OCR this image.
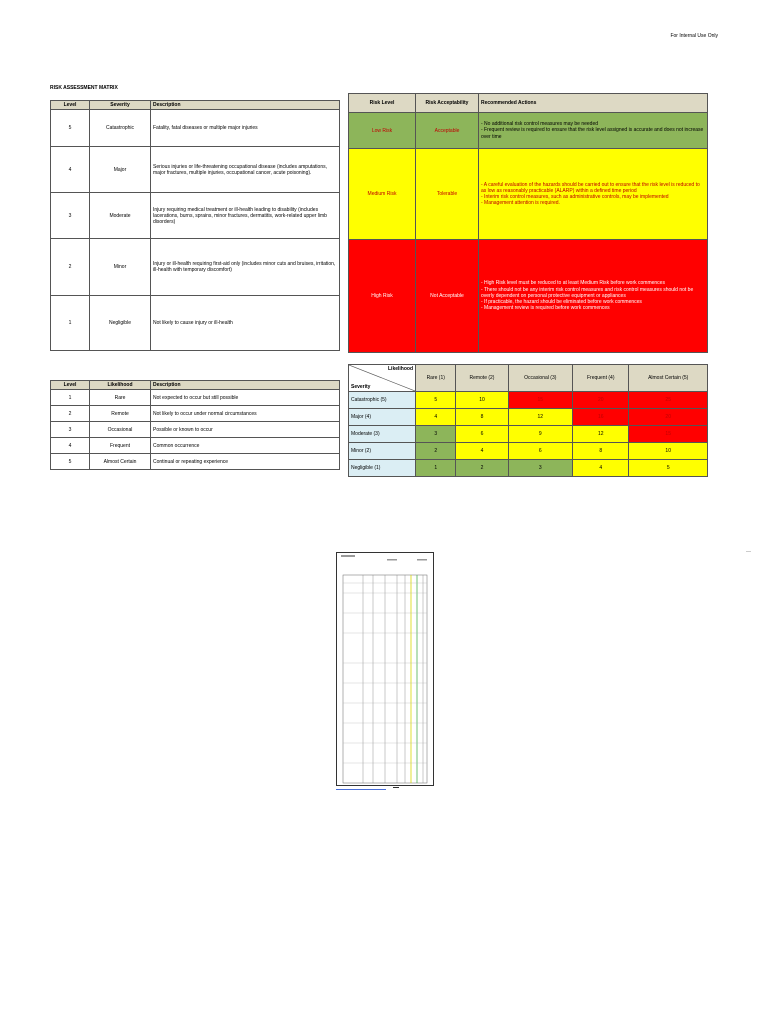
For Internal Use Only
RISK ASSESSMENT MATRIX
Level	Severity	Description
5	Catastrophic	Fatality, fatal diseases or multiple major injuries
4	Major	Serious injuries or life-threatening occupational disease (includes amputations, major fractures, multiple injuries, occupational cancer, acute poisoning).
3	Moderate	Injury requiring medical treatment or ill-health leading to disability (includes lacerations, burns, sprains, minor fractures, dermatitis, work-related upper limb disorders)
2	Minor	Injury or ill-health requiring first-aid only (includes minor cuts and bruises, irritation, ill-health with temporary discomfort)
1	Negligible	Not likely to cause injury or ill-health
Risk Level	Risk Acceptability	Recommended Actions
Low Risk	Acceptable	- No additional risk control measures may be needed
- Frequent review is required to ensure that the risk level assigned is accurate and does not increase over time

Medium Risk	Tolerable	- A careful evaluation of the hazards should be carried out to ensure that the risk level is reduced to as low as reasonably practicable (ALARP) within a defined time period
- Interim risk control measures, such as administrative controls, may be implemented
- Management attention is required.

High Risk	Not Acceptable	- High Risk level must be reduced to at least Medium Risk before work commences
- There should not be any interim risk control measures and risk control measures should not be overly dependent on personal protective equipment or appliances
- If practicable, the hazard should be eliminated before work commences
- Management review is required before work commences
Level	Likelihood	Description
1	Rare	Not expected to occur but still possible
2	Remote	Not likely to occur under normal circumstances
3	Occasional	Possible or known to occur
4	Frequent	Common occurrence
5	Almost Certain	Continual or repeating experience
Likelihood
Severity	Rare (1)	Remote (2)	Occasional (3)	Frequent (4)	Almost Certain (5)
Catastrophic (5)	5	10	15	20	25
Major (4)	4	8	12	16	20
Moderate (3)	3	6	9	12	15
Minor (2)	2	4	6	8	10
Negligible (1)	1	2	3	4	5
